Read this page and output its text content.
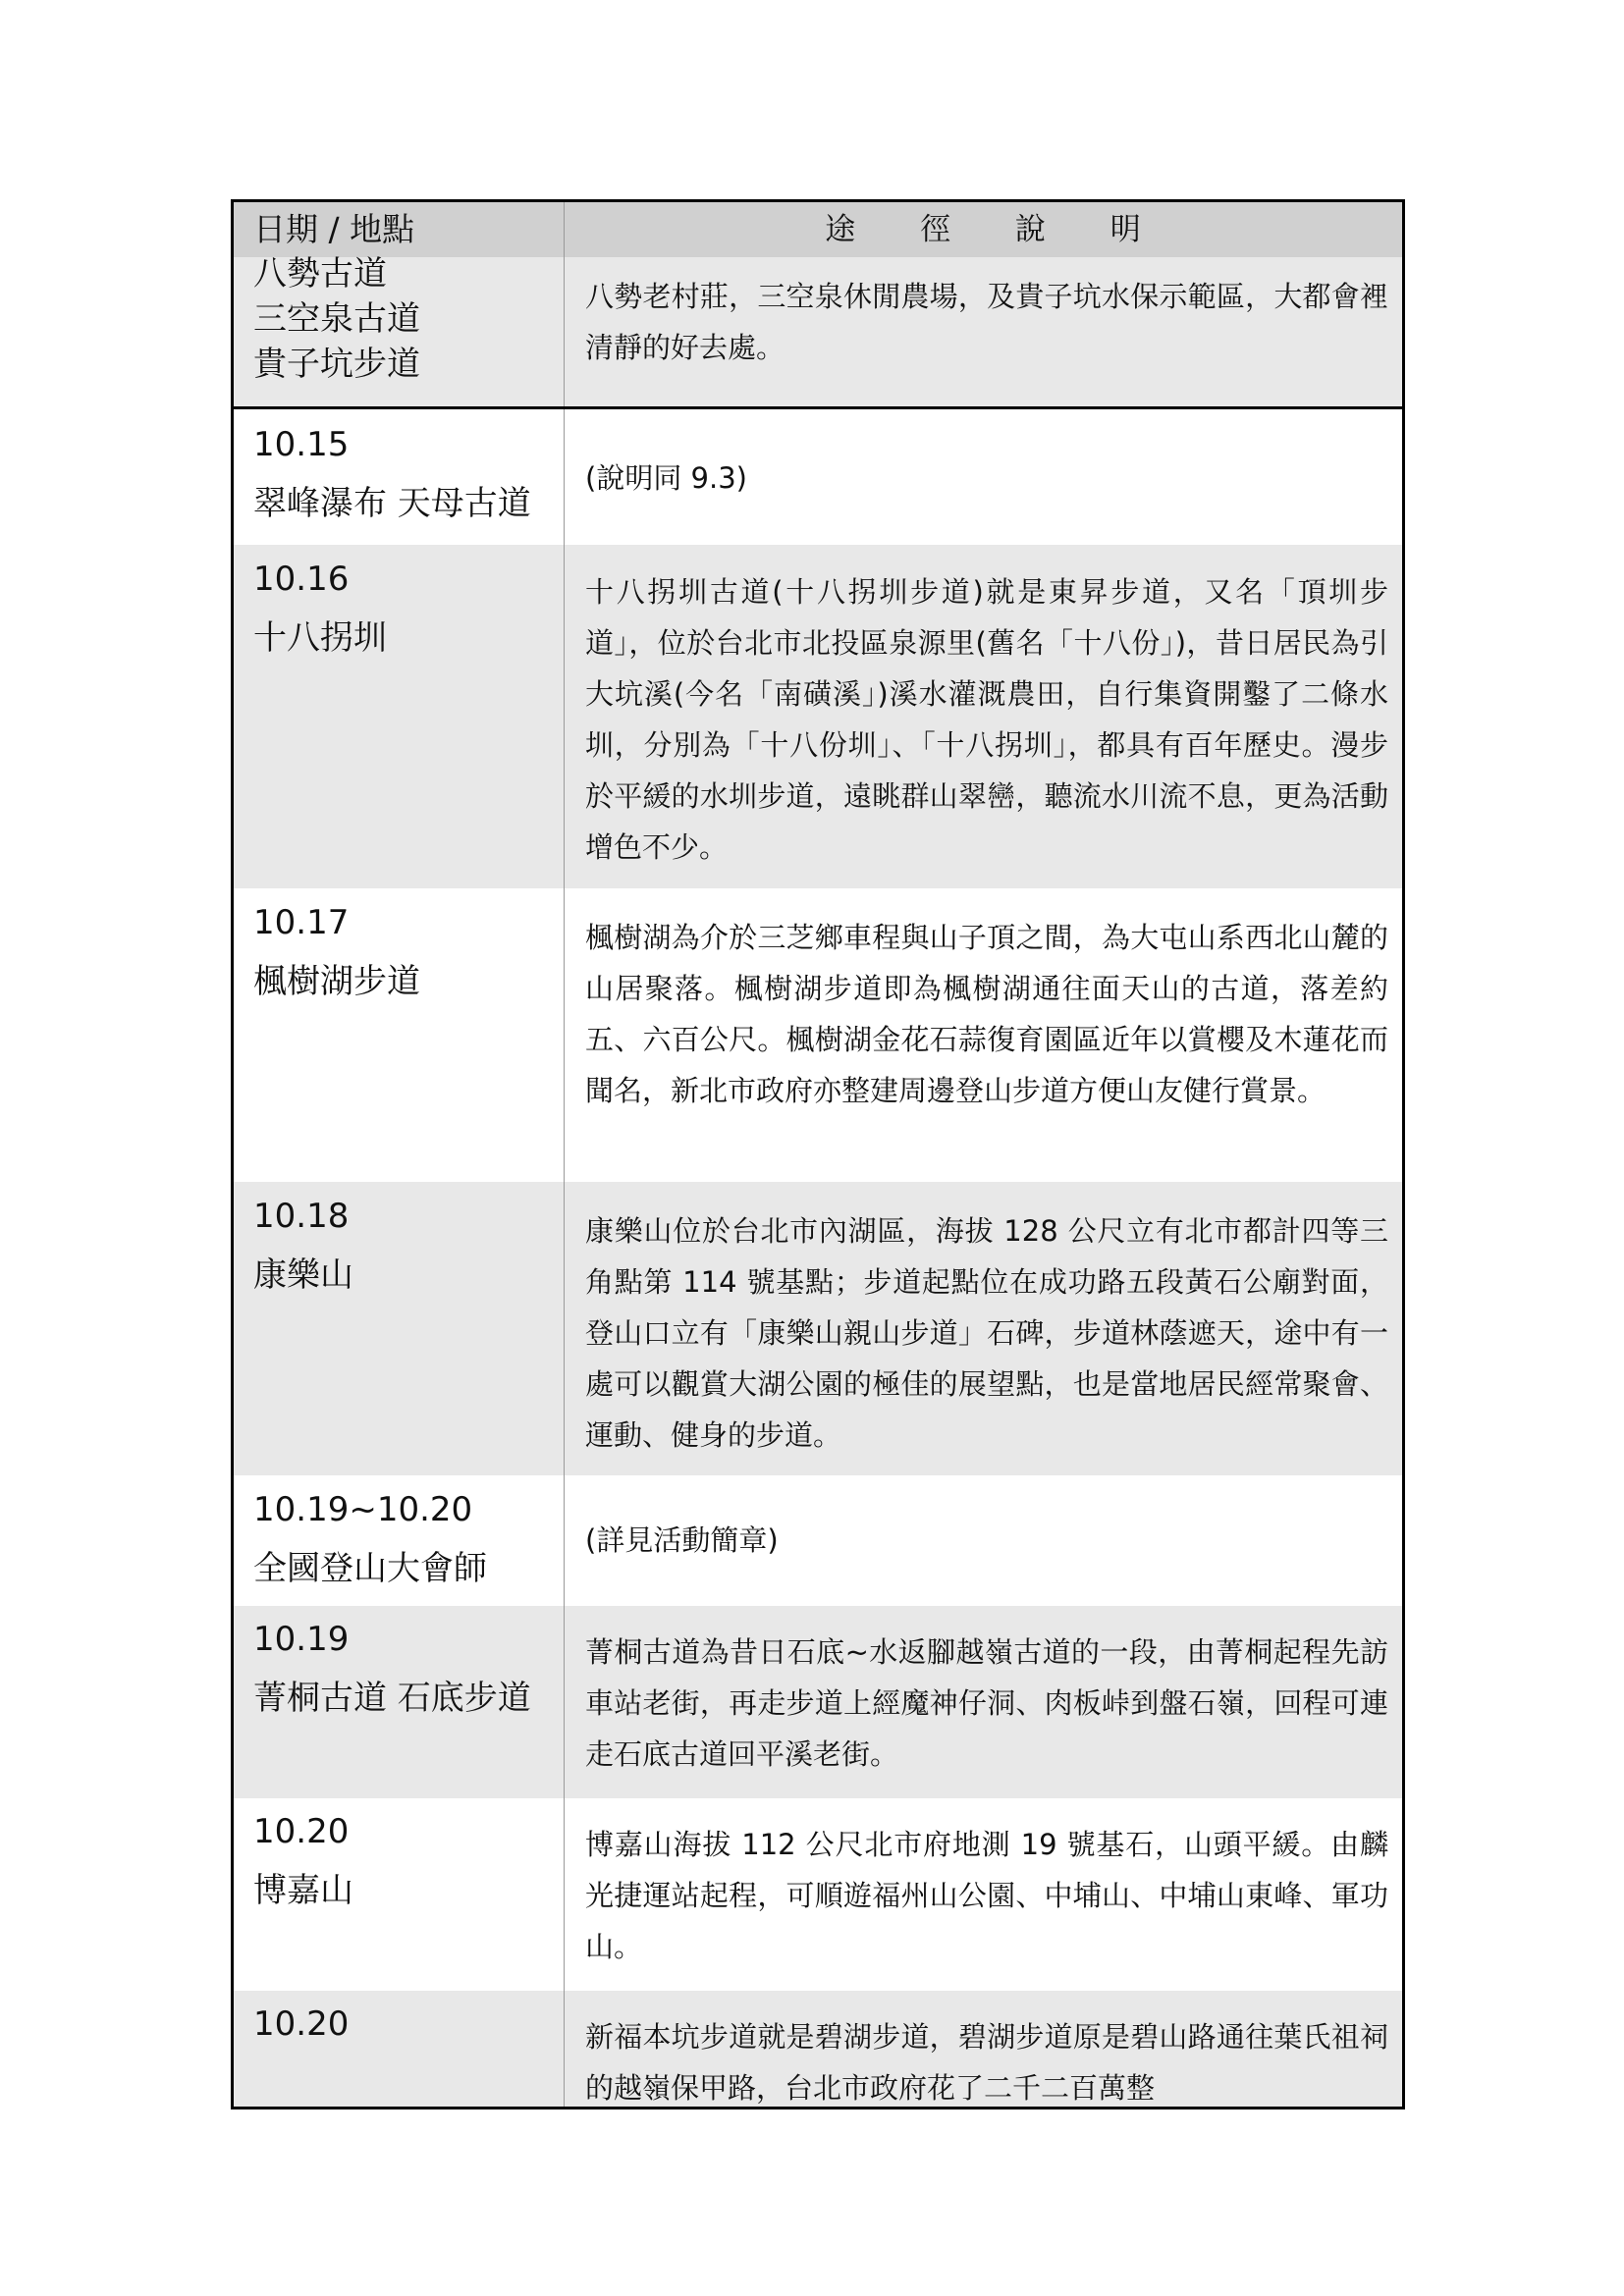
日期 / 地點	途 徑 說 明
八勢古道
三空泉古道
貴子坑步道
八勢老村莊，三空泉休閒農場，及貴子坑水保示範區，大都會裡清靜的好去處。
10.15
翠峰瀑布 天母古道
(說明同 9.3)
10.16
十八拐圳
十八拐圳古道(十八拐圳步道)就是東昇步道，又名「頂圳步道」，位於台北市北投區泉源里(舊名「十八份」)，昔日居民為引大坑溪(今名「南磺溪」)溪水灌溉農田，自行集資開鑿了二條水圳，分別為「十八份圳」、「十八拐圳」，都具有百年歷史。漫步於平緩的水圳步道，遠眺群山翠巒，聽流水川流不息，更為活動增色不少。
10.17
楓樹湖步道
楓樹湖為介於三芝鄉車程與山子頂之間，為大屯山系西北山麓的山居聚落。楓樹湖步道即為楓樹湖通往面天山的古道，落差約五、六百公尺。楓樹湖金花石蒜復育園區近年以賞櫻及木蓮花而聞名，新北市政府亦整建周邊登山步道方便山友健行賞景。
10.18
康樂山
康樂山位於台北市內湖區，海拔 128 公尺立有北市都計四等三角點第 114 號基點；步道起點位在成功路五段黃石公廟對面，登山口立有「康樂山親山步道」石碑，步道林蔭遮天，途中有一處可以觀賞大湖公園的極佳的展望點，也是當地居民經常聚會、運動、健身的步道。
10.19~10.20
全國登山大會師
(詳見活動簡章)
10.19
菁桐古道 石底步道
菁桐古道為昔日石底~水返腳越嶺古道的一段，由菁桐起程先訪車站老街，再走步道上經魔神仔洞、肉板峠到盤石嶺，回程可連走石底古道回平溪老街。
10.20
博嘉山
博嘉山海拔 112 公尺北市府地測 19 號基石，山頭平緩。由麟光捷運站起程，可順遊福州山公園、中埔山、中埔山東峰、軍功山。
10.20	新福本坑步道就是碧湖步道，碧湖步道原是碧山路通往葉氏祖祠的越嶺保甲路，台北市政府花了二千二百萬整
